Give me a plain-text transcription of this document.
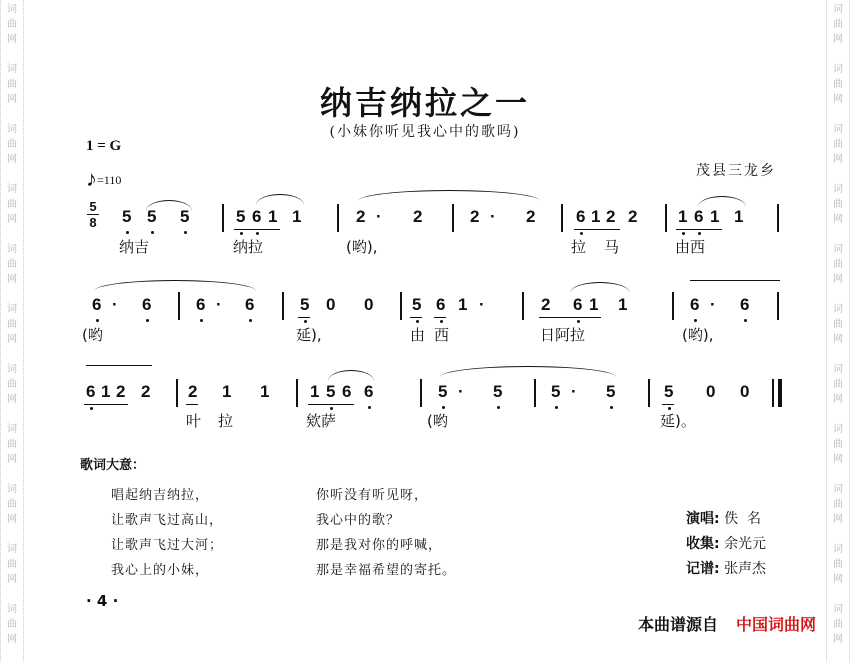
词
曲
网
词
曲
网
词
曲
网
词
曲
网
词
曲
网
词
曲
网
词
曲
网
词
曲
网
词
曲
网
词
曲
网
词
曲
网
词
曲
网
词
曲
网
词
曲
网
词
曲
网
词
曲
网
词
曲
网
词
曲
网
词
曲
网
词
曲
网
词
曲
网
词
曲
网
纳吉纳拉之一
(小妹你听见我心中的歌吗)
1 = G
茂县三龙乡
♪=110
5
8	5 5 5	5 6 1 1	2 · 2	2 · 2 6 1 2 2 1 6 1 1
纳吉	纳拉	(哟),	拉 马	由西
6 · 6	6 · 6	5 0 0 5 6 1 ·	2 6 1 1	6 · 6
(哟	延),	由 西	日阿拉	(哟),
6 1 2 2 2 1 1 1 5 6 6	5 · 5	5 · 5	5 0 0
叶 拉	欸萨	(哟	延)。
歌词大意：
唱起纳吉纳拉，	你听没有听见呀，
让歌声飞过高山，	我心中的歌？
让歌声飞过大河；	那是我对你的呼喊，
我心上的小妹，	那是幸福希望的寄托。
演唱: 佚  名
收集: 余光元
记谱: 张声杰
· 4 ·
本曲谱源自 中国词曲网
